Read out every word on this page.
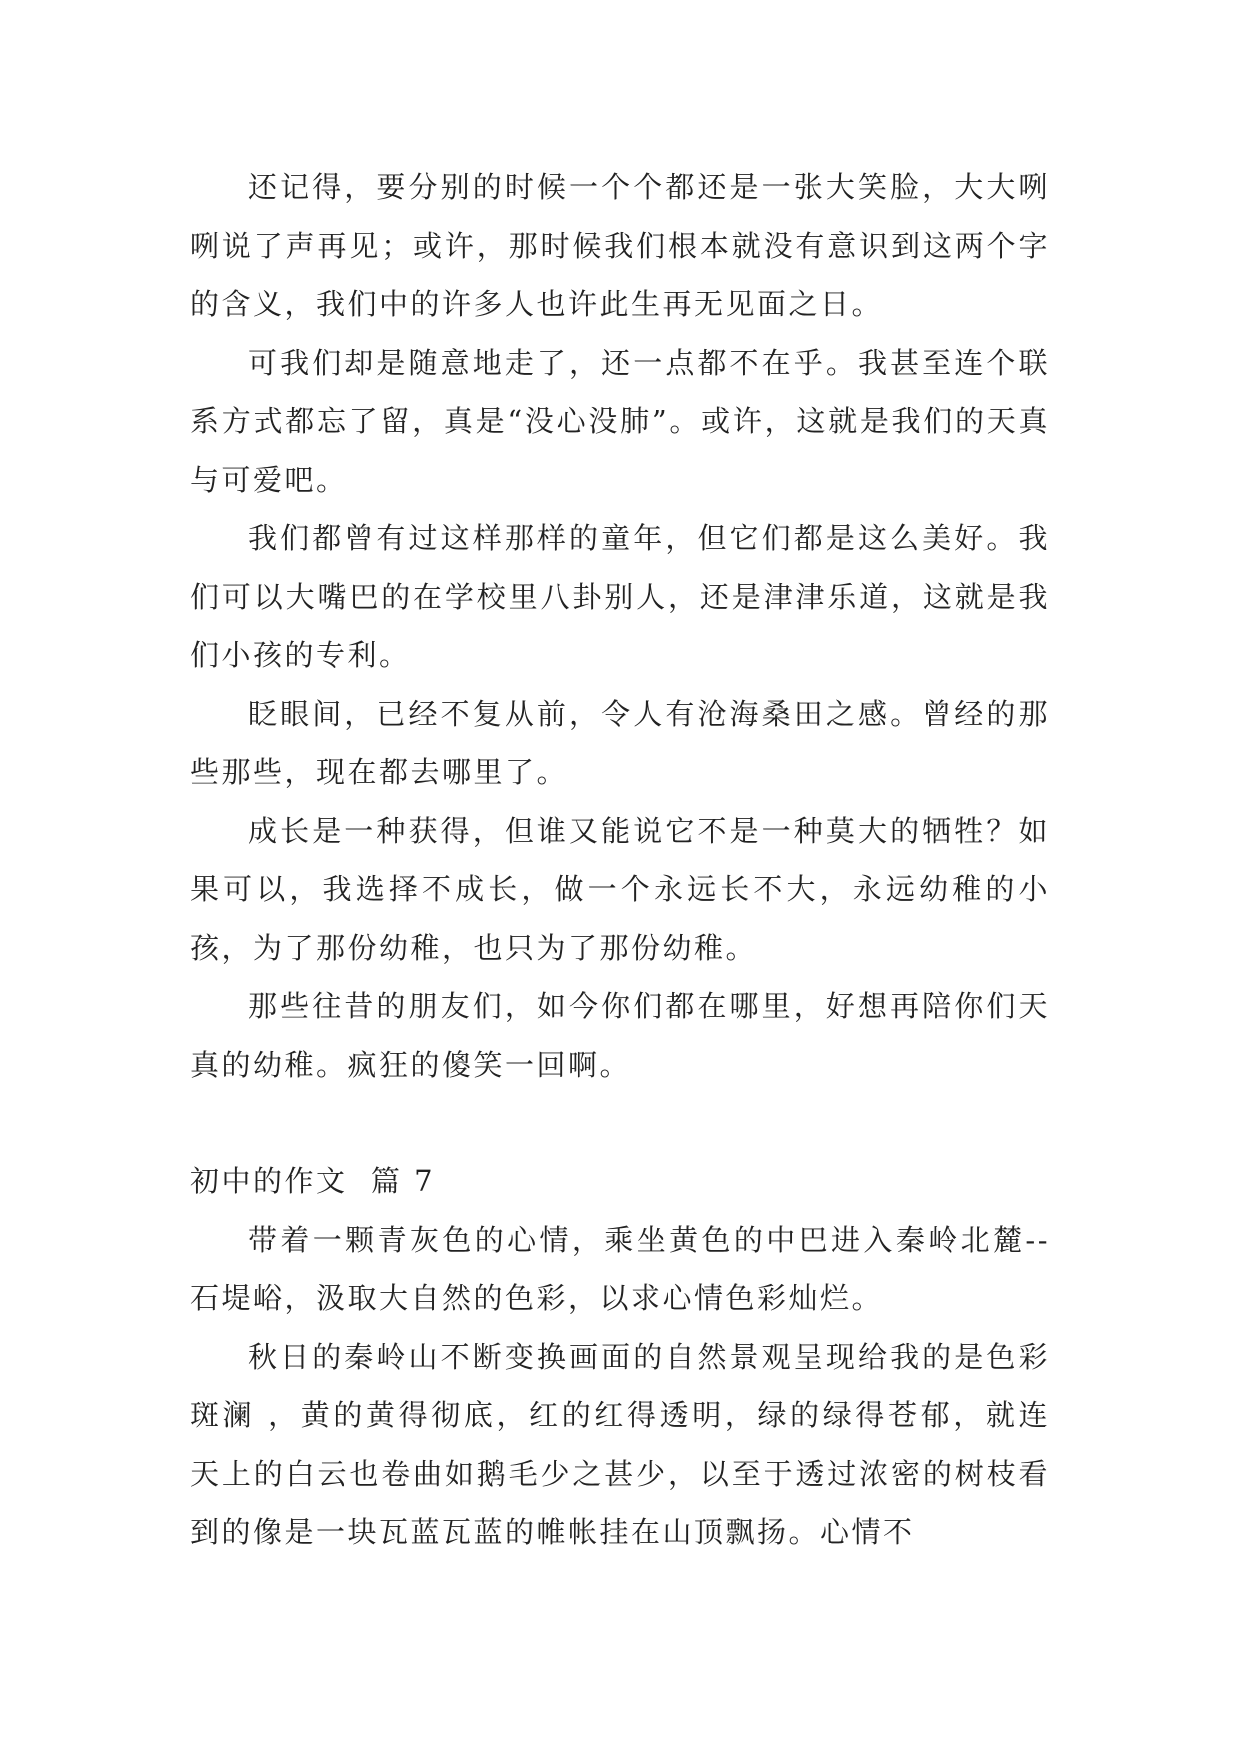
还记得，要分别的时候一个个都还是一张大笑脸，大大咧咧说了声再见；或许，那时候我们根本就没有意识到这两个字的含义，我们中的许多人也许此生再无见面之日。

可我们却是随意地走了，还一点都不在乎。我甚至连个联系方式都忘了留，真是“没心没肺”。或许，这就是我们的天真与可爱吧。

我们都曾有过这样那样的童年，但它们都是这么美好。我们可以大嘴巴的在学校里八卦别人，还是津津乐道，这就是我们小孩的专利。

眨眼间，已经不复从前，令人有沧海桑田之感。曾经的那些那些，现在都去哪里了。

成长是一种获得，但谁又能说它不是一种莫大的牺牲？如果可以，我选择不成长，做一个永远长不大，永远幼稚的小孩，为了那份幼稚，也只为了那份幼稚。

那些往昔的朋友们，如今你们都在哪里，好想再陪你们天真的幼稚。疯狂的傻笑一回啊。

初中的作文  篇 7

带着一颗青灰色的心情，乘坐黄色的中巴进入秦岭北麓--石堤峪，汲取大自然的色彩，以求心情色彩灿烂。

秋日的秦岭山不断变换画面的自然景观呈现给我的是色彩斑澜 ，黄的黄得彻底，红的红得透明，绿的绿得苍郁，就连天上的白云也卷曲如鹅毛少之甚少，以至于透过浓密的树枝看到的像是一块瓦蓝瓦蓝的帷帐挂在山顶飘扬。心情不
